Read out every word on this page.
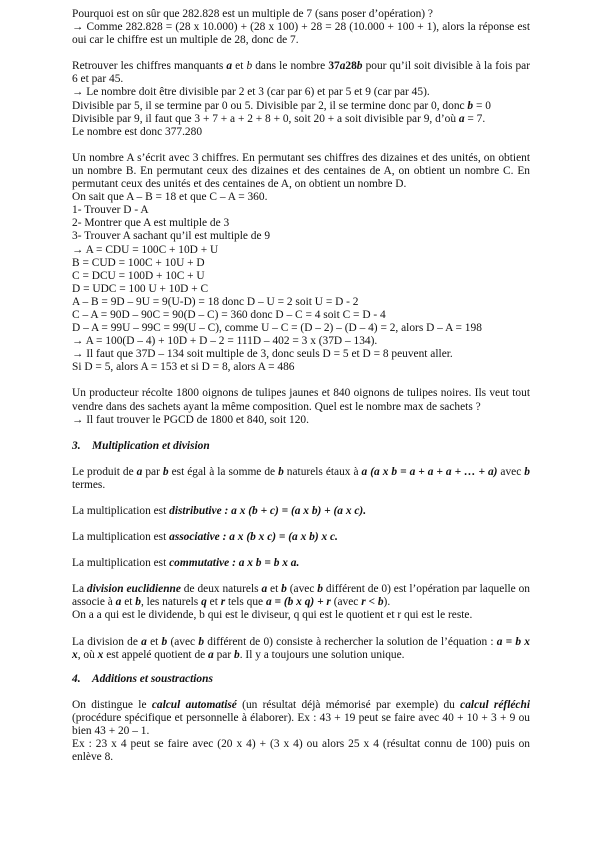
Pourquoi est on sûr que 282.828 est un multiple de 7 (sans poser d’opération) ?

→ Comme 282.828 = (28 x 10.000) + (28 x 100) + 28 = 28 (10.000 + 100 + 1), alors la réponse est oui car le chiffre est un multiple de 28, donc de 7.

Retrouver les chiffres manquants a et b dans le nombre 37a28b pour qu’il soit divisible à la fois par 6 et par 45.

→ Le nombre doit être divisible par 2 et 3 (car par 6) et par 5 et 9 (car par 45).

Divisible par 5, il se termine par 0 ou 5. Divisible par 2, il se termine donc par 0, donc b = 0

Divisible par 9, il faut que 3 + 7 + a + 2 + 8 + 0, soit 20 + a soit divisible par 9, d’où a = 7.

Le nombre est donc 377.280

Un nombre A s’écrit avec 3 chiffres. En permutant ses chiffres des dizaines et des unités, on obtient un nombre B. En permutant ceux des dizaines et des centaines de A, on obtient un nombre C. En permutant ceux des unités et des centaines de A, on obtient un nombre D.

On sait que A – B = 18 et que C – A = 360.

1- Trouver D - A

2- Montrer que A est multiple de 3

3- Trouver A sachant qu’il est multiple de 9

→ A = CDU = 100C + 10D + U

B = CUD = 100C + 10U + D

C = DCU = 100D + 10C + U

D = UDC = 100 U + 10D + C

A – B = 9D – 9U = 9(U-D) = 18 donc D – U = 2 soit U = D - 2

C – A = 90D – 90C = 90(D – C) = 360 donc D – C = 4 soit C = D - 4

D – A = 99U – 99C = 99(U – C), comme U – C = (D – 2) – (D – 4) = 2, alors D – A = 198

→ A = 100(D – 4) + 10D + D – 2 = 111D – 402 = 3 x (37D – 134).

→ Il faut que 37D – 134 soit multiple de 3, donc seuls D = 5 et D = 8 peuvent aller.

Si D = 5, alors A = 153 et si D = 8, alors A = 486

Un producteur récolte 1800 oignons de tulipes jaunes et 840 oignons de tulipes noires. Ils veut tout vendre dans des sachets ayant la même composition. Quel est le nombre max de sachets ?

→ Il faut trouver le PGCD de 1800 et 840, soit 120.

3. Multiplication et division

Le produit de a par b est égal à la somme de b naturels étaux à a (a x b = a + a + a + … + a) avec b termes.

La multiplication est distributive : a x (b + c) = (a x b) + (a x c).

La multiplication est associative : a x (b x c) = (a x b) x c.

La multiplication est commutative : a x b = b x a.

La division euclidienne de deux naturels a et b (avec b différent de 0) est l’opération par laquelle on associe à a et b, les naturels q et r tels que a = (b x q) + r (avec r < b).

On a a qui est le dividende, b qui est le diviseur, q qui est le quotient et r qui est le reste.

La division de a et b (avec b différent de 0) consiste à rechercher la solution de l’équation : a = b x x, où x est appelé quotient de a par b. Il y a toujours une solution unique.

4. Additions et soustractions

On distingue le calcul automatisé (un résultat déjà mémorisé par exemple) du calcul réfléchi (procédure spécifique et personnelle à élaborer). Ex : 43 + 19 peut se faire avec 40 + 10 + 3 + 9 ou bien 43 + 20 – 1.

Ex : 23 x 4 peut se faire avec (20 x 4) + (3 x 4) ou alors 25 x 4 (résultat connu de 100) puis on enlève 8.
